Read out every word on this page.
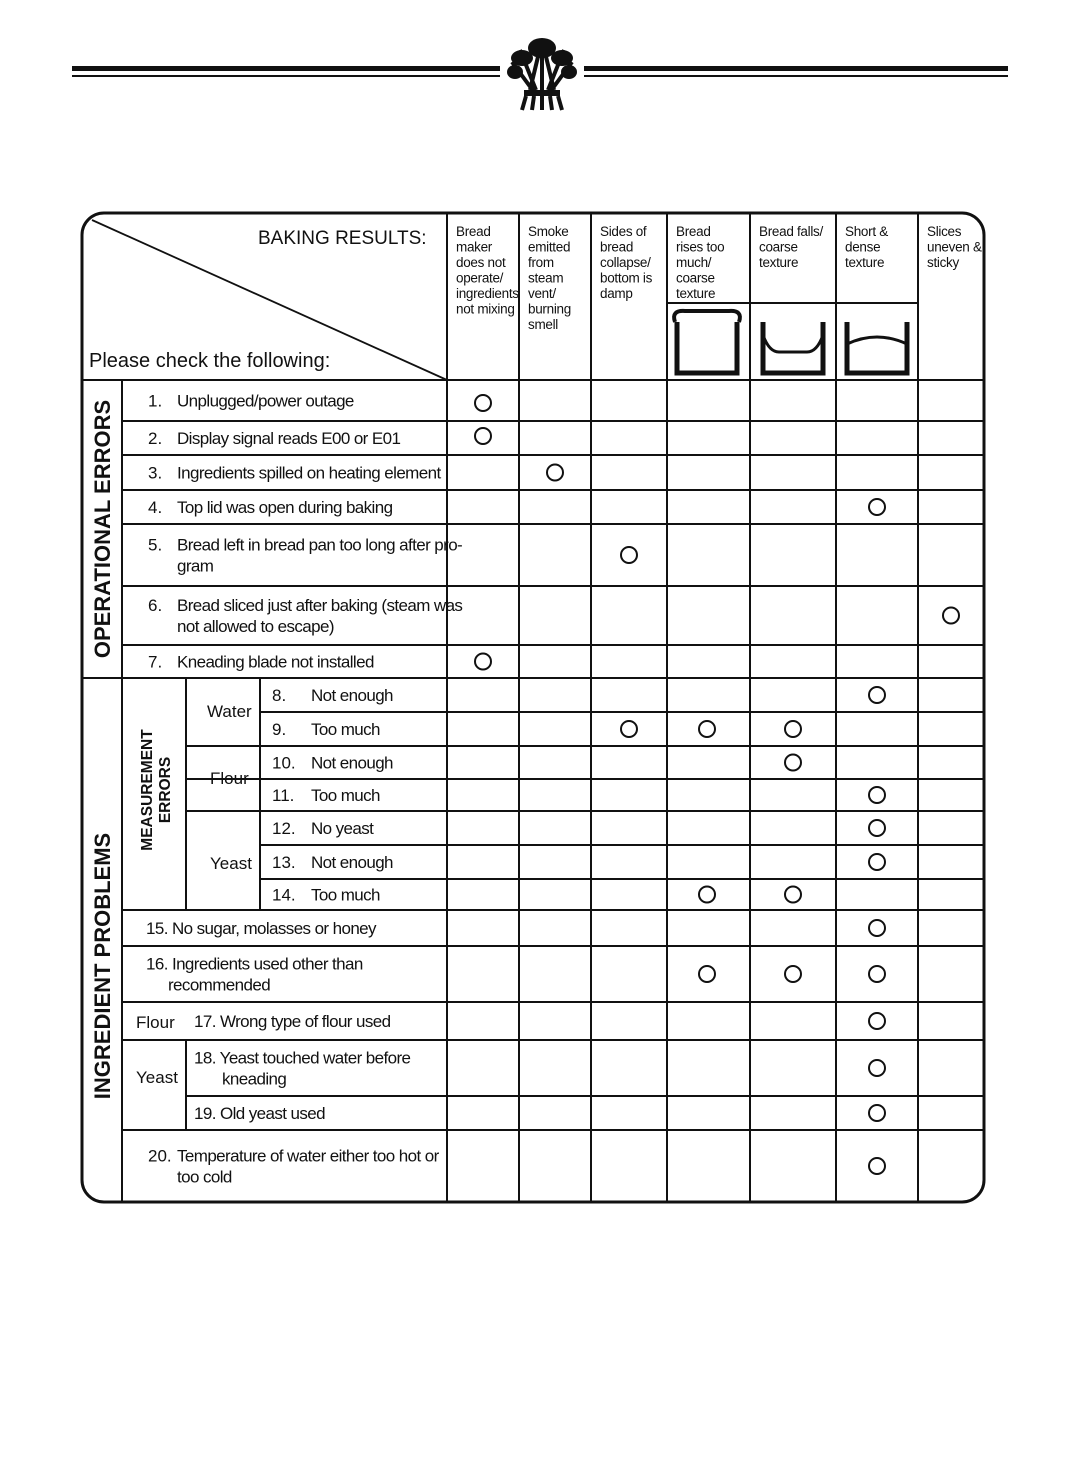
BAKING RESULTS:
Please check the following:
Bread
maker
does not
operate/
ingredients
not mixing
Smoke
emitted
from
steam
vent/
burning
smell
Sides of
bread
collapse/
bottom is
damp
Bread
rises too
much/
coarse
texture
Bread falls/
coarse
texture
Short &
dense
texture
Slices
uneven &
sticky
OPERATIONAL ERRORS
INGREDIENT PROBLEMS
MEASUREMENT ERRORS
Water
Flour
Yeast
Flour
Yeast
1. Unplugged/power outage
2. Display signal reads E00 or E01
3. Ingredients spilled on heating element
4. Top lid was open during baking
5. Bread left in bread pan too long after pro-
gram
6. Bread sliced just after baking (steam was
not allowed to escape)
7. Kneading blade not installed
8. Not enough
9. Too much
10. Not enough
11. Too much
12. No yeast
13. Not enough
14. Too much
15. No sugar, molasses or honey
16. Ingredients used other than
recommended
17. Wrong type of flour used
18. Yeast touched water before
kneading
19. Old yeast used
20. Temperature of water either too hot or
too cold
